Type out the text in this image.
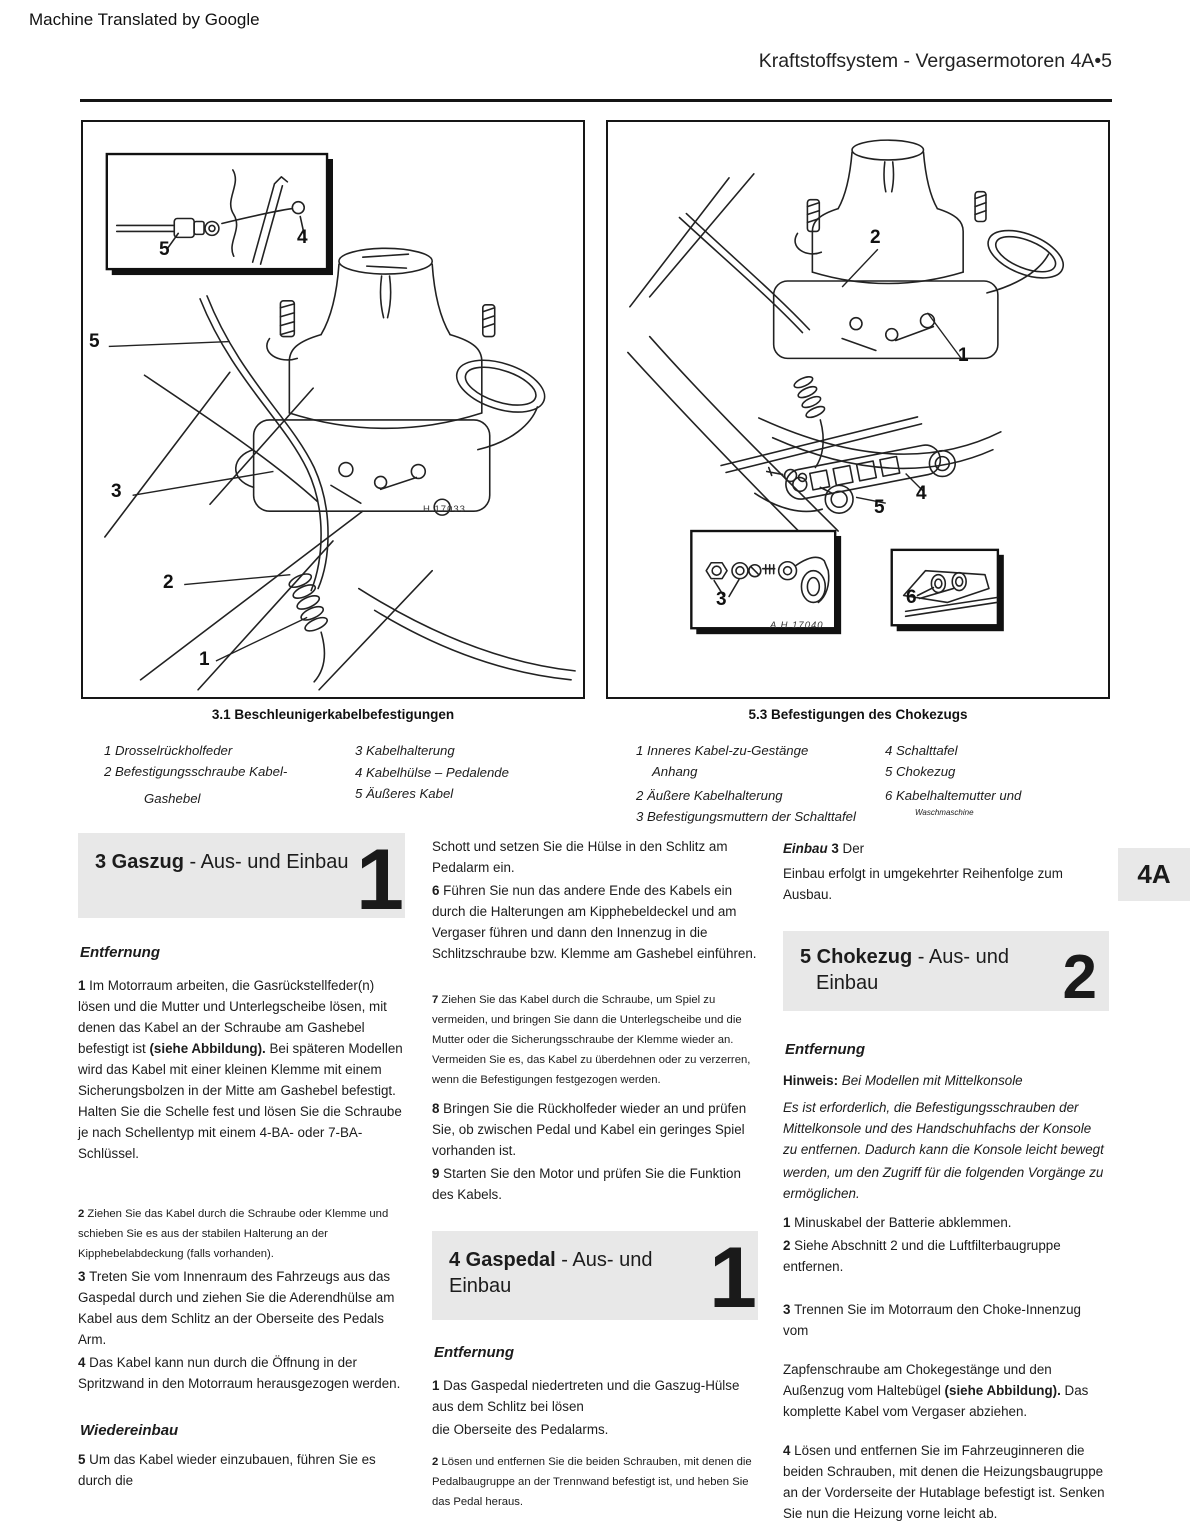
Machine Translated by Google
Kraftstoffsystem - Vergasermotoren 4A•5
5
4
5
3
2
1
H.17033
2
1
4
5
3	6
A H 17040
3.1 Beschleunigerkabelbefestigungen	5.3 Befestigungen des Chokezugs
1 Drosselrückholfeder
2 Befestigungsschraube Kabel-
Gashebel
3 Kabelhalterung
4 Kabelhülse – Pedalende
5 Äußeres Kabel
1 Inneres Kabel-zu-Gestänge
Anhang
2 Äußere Kabelhalterung
3 Befestigungsmuttern der Schalttafel
4 Schalttafel
5 Chokezug
6 Kabelhaltemutter und
Waschmaschine
3 Gaszug - Aus- und Einbau 1
Entfernung

1 Im Motorraum arbeiten, die Gasrückstellfeder(n) lösen und die Mutter und Unterlegscheibe lösen, mit denen das Kabel an der Schraube am Gashebel befestigt ist (siehe Abbildung). Bei späteren Modellen wird das Kabel mit einer kleinen Klemme mit einem Sicherungsbolzen in der Mitte am Gashebel befestigt. Halten Sie die Schelle fest und lösen Sie die Schraube je nach Schellentyp mit einem 4-BA- oder 7-BA-Schlüssel.

2 Ziehen Sie das Kabel durch die Schraube oder Klemme und schieben Sie es aus der stabilen Halterung an der Kipphebelabdeckung (falls vorhanden).

3 Treten Sie vom Innenraum des Fahrzeugs aus das Gaspedal durch und ziehen Sie die Aderendhülse am Kabel aus dem Schlitz an der Oberseite des Pedals Arm.

4 Das Kabel kann nun durch die Öffnung in der Spritzwand in den Motorraum herausgezogen werden.

Wiedereinbau

5 Um das Kabel wieder einzubauen, führen Sie es durch die

Schott und setzen Sie die Hülse in den Schlitz am Pedalarm ein.

6 Führen Sie nun das andere Ende des Kabels ein durch die Halterungen am Kipphebeldeckel und am Vergaser führen und dann den Innenzug in die Schlitzschraube bzw. Klemme am Gashebel einführen.

7 Ziehen Sie das Kabel durch die Schraube, um Spiel zu vermeiden, und bringen Sie dann die Unterlegscheibe und die Mutter oder die Sicherungsschraube der Klemme wieder an. Vermeiden Sie es, das Kabel zu überdehnen oder zu verzerren, wenn die Befestigungen festgezogen werden.

8 Bringen Sie die Rückholfeder wieder an und prüfen Sie, ob zwischen Pedal und Kabel ein geringes Spiel vorhanden ist.

9 Starten Sie den Motor und prüfen Sie die Funktion des Kabels.

4 Gaspedal - Aus- und Einbau	1
Entfernung

1 Das Gaspedal niedertreten und die Gaszug-Hülse aus dem Schlitz bei lösen

die Oberseite des Pedalarms.

2 Lösen und entfernen Sie die beiden Schrauben, mit denen die Pedalbaugruppe an der Trennwand befestigt ist, und heben Sie das Pedal heraus.

Einbau 3 Der

Einbau erfolgt in umgekehrter Reihenfolge zum Ausbau.

5 Chokezug - Aus- und
Einbau	2
Entfernung

Hinweis: Bei Modellen mit Mittelkonsole

Es ist erforderlich, die Befestigungsschrauben der Mittelkonsole und des Handschuhfachs der Konsole zu entfernen. Dadurch kann die Konsole leicht bewegt

werden, um den Zugriff für die folgenden Vorgänge zu ermöglichen.

1 Minuskabel der Batterie abklemmen.

2 Siehe Abschnitt 2 und die Luftfilterbaugruppe entfernen.

3 Trennen Sie im Motorraum den Choke-Innenzug vom

Zapfenschraube am Chokegestänge und den Außenzug vom Haltebügel (siehe Abbildung). Das komplette Kabel vom Vergaser abziehen.

4 Lösen und entfernen Sie im Fahrzeuginneren die beiden Schrauben, mit denen die Heizungsbaugruppe an der Vorderseite der Hutablage befestigt ist. Senken Sie nun die Heizung vorne leicht ab.

4A
